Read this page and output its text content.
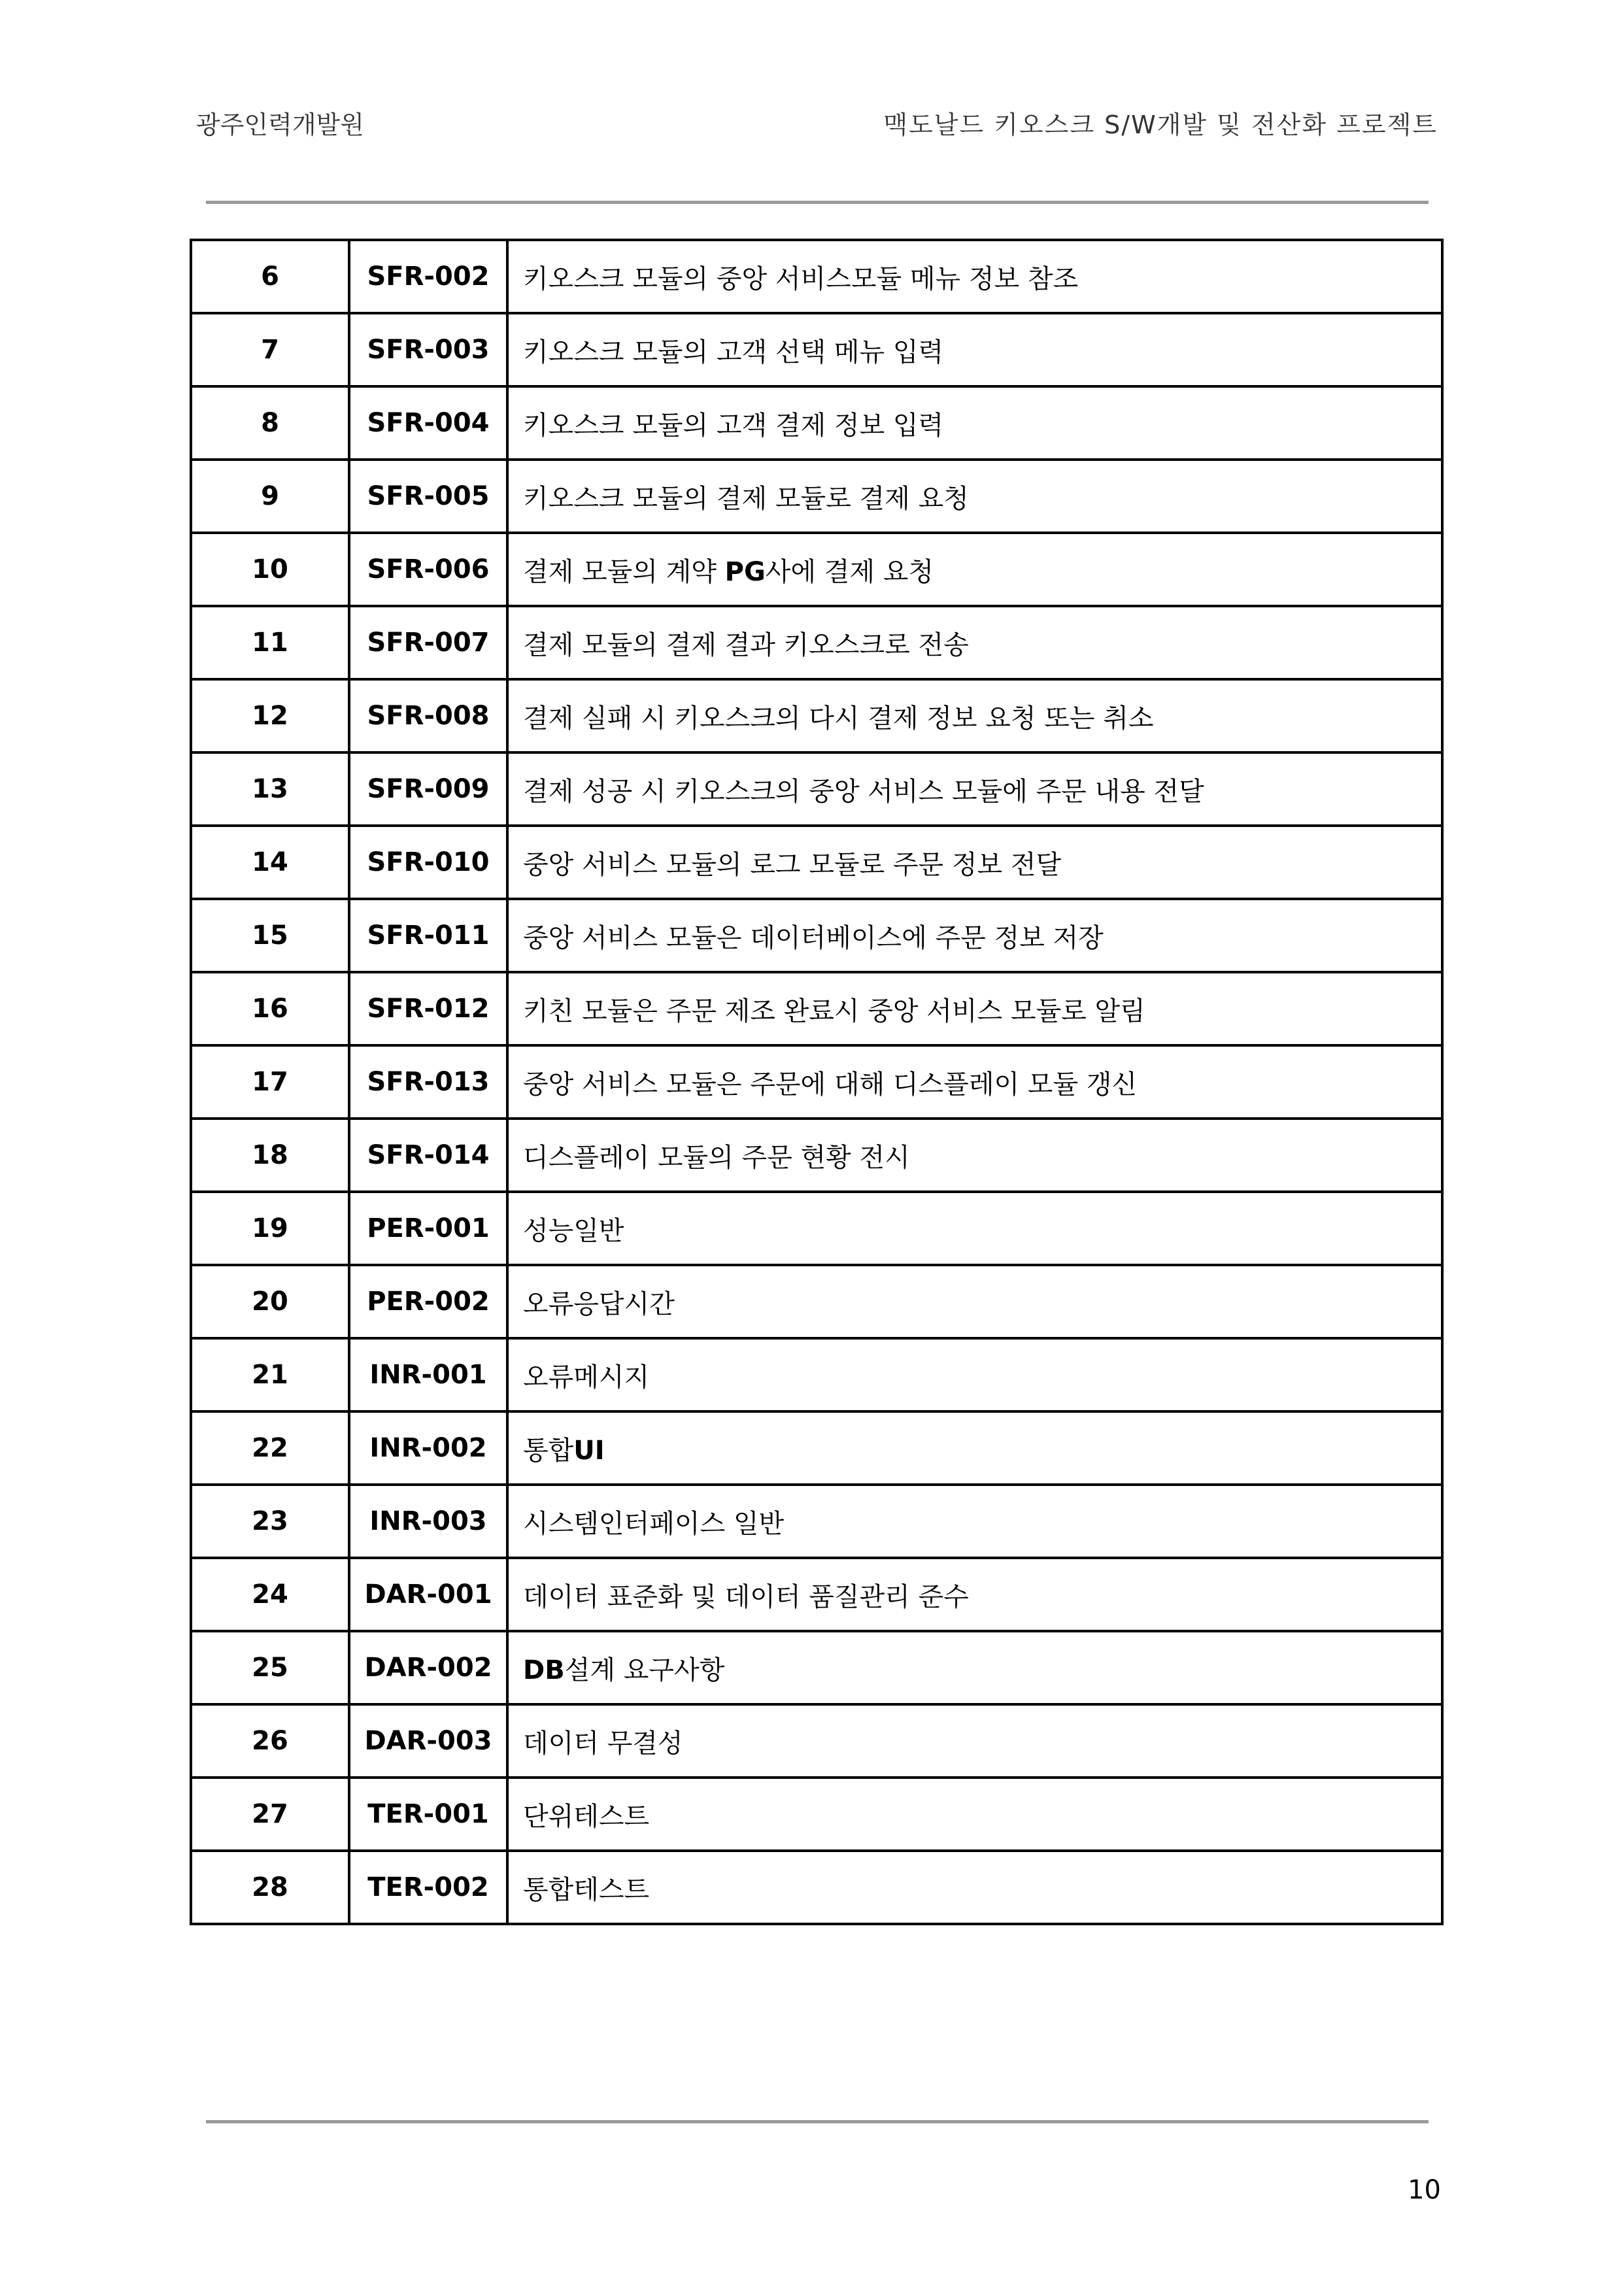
광주인력개발원	맥도날드 키오스크 S/W개발 및 전산화 프로젝트
6	SFR-002	키오스크 모듈의 중앙 서비스모듈 메뉴 정보 참조
7	SFR-003	키오스크 모듈의 고객 선택 메뉴 입력
8	SFR-004	키오스크 모듈의 고객 결제 정보 입력
9	SFR-005	키오스크 모듈의 결제 모듈로 결제 요청
10	SFR-006	결제 모듈의 계약 PG사에 결제 요청
11	SFR-007	결제 모듈의 결제 결과 키오스크로 전송
12	SFR-008	결제 실패 시 키오스크의 다시 결제 정보 요청 또는 취소
13	SFR-009	결제 성공 시 키오스크의 중앙 서비스 모듈에 주문 내용 전달
14	SFR-010	중앙 서비스 모듈의 로그 모듈로 주문 정보 전달
15	SFR-011	중앙 서비스 모듈은 데이터베이스에 주문 정보 저장
16	SFR-012	키친 모듈은 주문 제조 완료시 중앙 서비스 모듈로 알림
17	SFR-013	중앙 서비스 모듈은 주문에 대해 디스플레이 모듈 갱신
18	SFR-014	디스플레이 모듈의 주문 현황 전시
19	PER-001	성능일반
20	PER-002	오류응답시간
21	INR-001	오류메시지
22	INR-002	통합UI
23	INR-003	시스템인터페이스 일반
24	DAR-001	데이터 표준화 및 데이터 품질관리 준수
25	DAR-002	DB설계 요구사항
26	DAR-003	데이터 무결성
27	TER-001	단위테스트
28	TER-002	통합테스트
10
